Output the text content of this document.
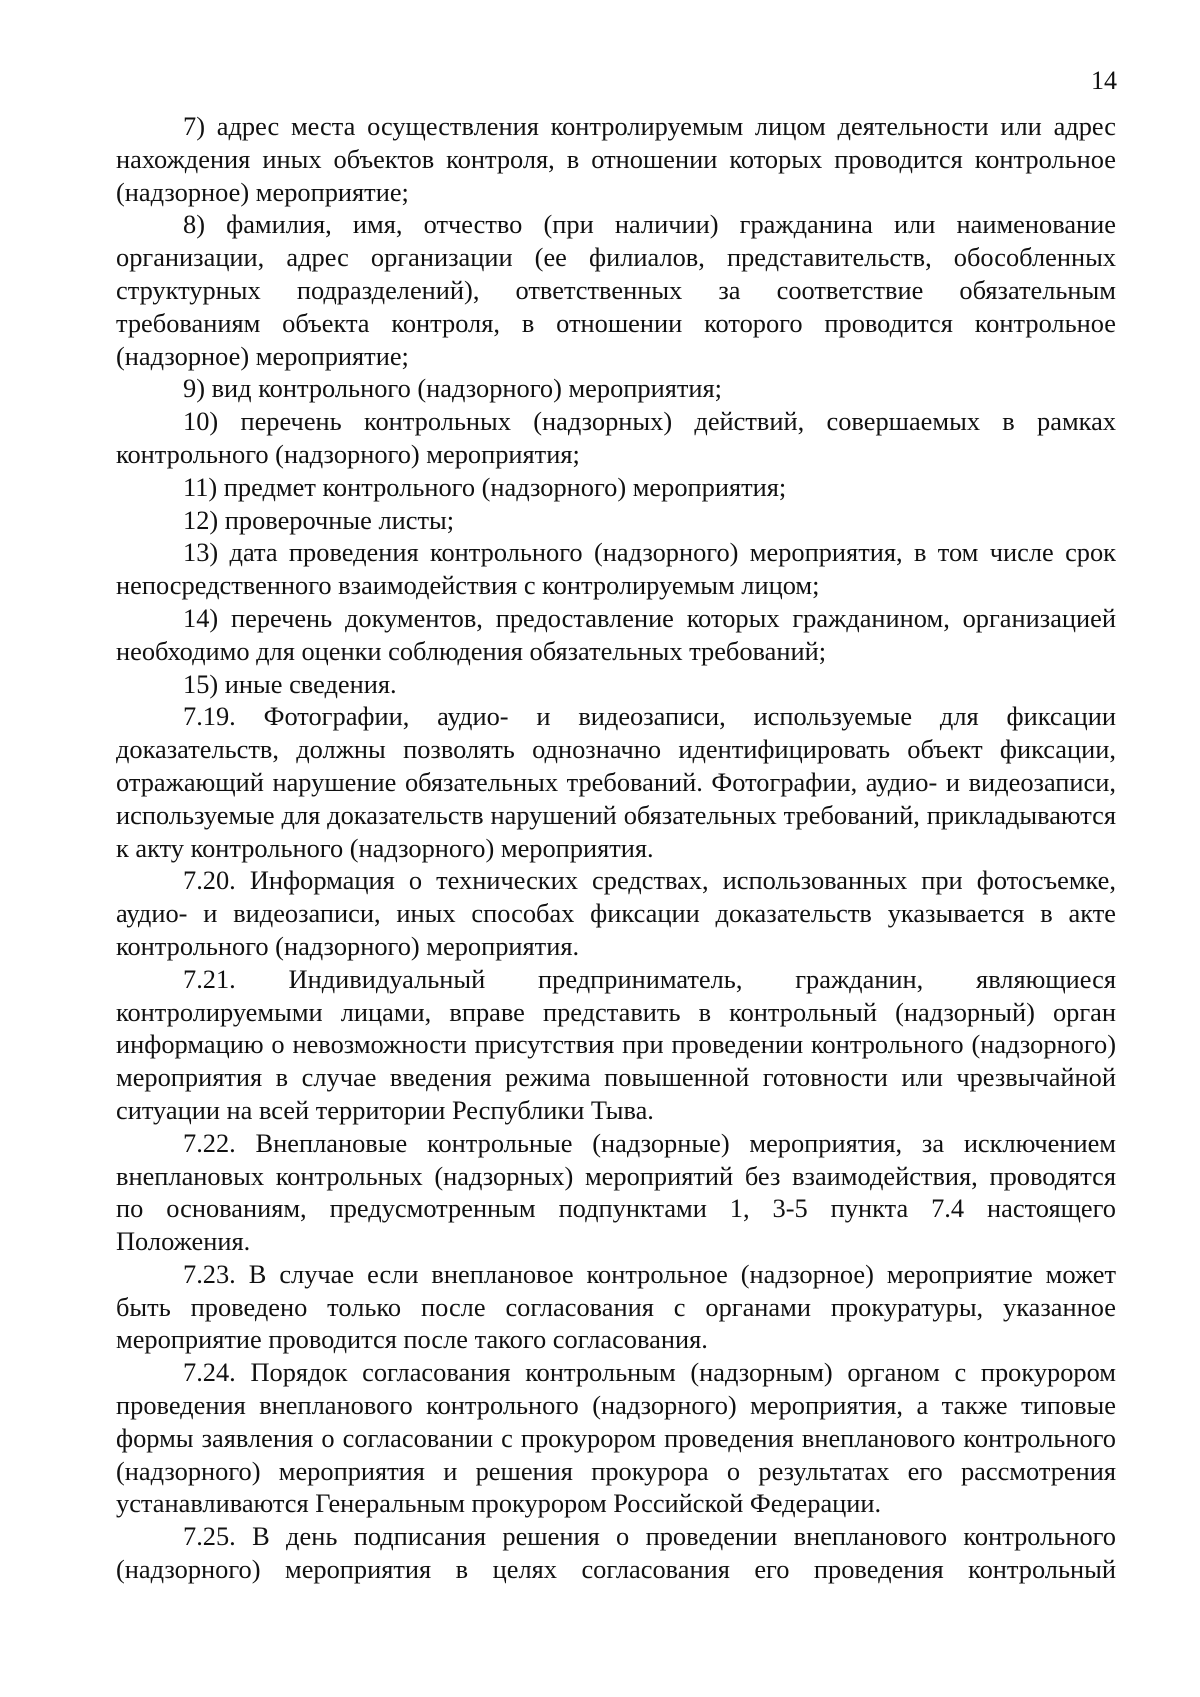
14

7) адрес места осуществления контролируемым лицом деятельности или адрес нахождения иных объектов контроля, в отношении которых проводится контрольное (надзорное) мероприятие;

8) фамилия, имя, отчество (при наличии) гражданина или наименование организации, адрес организации (ее филиалов, представительств, обособленных структурных подразделений), ответственных за соответствие обязательным требованиям объекта контроля, в отношении которого проводится контрольное (надзорное) мероприятие;

9) вид контрольного (надзорного) мероприятия;

10) перечень контрольных (надзорных) действий, совершаемых в рамках контрольного (надзорного) мероприятия;

11) предмет контрольного (надзорного) мероприятия;

12) проверочные листы;

13) дата проведения контрольного (надзорного) мероприятия, в том числе срок непосредственного взаимодействия с контролируемым лицом;

14) перечень документов, предоставление которых гражданином, организацией необходимо для оценки соблюдения обязательных требований;

15) иные сведения.

7.19. Фотографии, аудио- и видеозаписи, используемые для фиксации доказательств, должны позволять однозначно идентифицировать объект фиксации, отражающий нарушение обязательных требований. Фотографии, аудио- и видеозаписи, используемые для доказательств нарушений обязательных требований, прикладываются к акту контрольного (надзорного) мероприятия.

7.20. Информация о технических средствах, использованных при фотосъемке, аудио- и видеозаписи, иных способах фиксации доказательств указывается в акте контрольного (надзорного) мероприятия.

7.21. Индивидуальный предприниматель, гражданин, являющиеся контролируемыми лицами, вправе представить в контрольный (надзорный) орган информацию о невозможности присутствия при проведении контрольного (надзорного) мероприятия в случае введения режима повышенной готовности или чрезвычайной ситуации на всей территории Республики Тыва.

7.22. Внеплановые контрольные (надзорные) мероприятия, за исключением внеплановых контрольных (надзорных) мероприятий без взаимодействия, проводятся по основаниям, предусмотренным подпунктами 1, 3-5 пункта 7.4 настоящего Положения.

7.23. В случае если внеплановое контрольное (надзорное) мероприятие может быть проведено только после согласования с органами прокуратуры, указанное мероприятие проводится после такого согласования.

7.24. Порядок согласования контрольным (надзорным) органом с прокурором проведения внепланового контрольного (надзорного) мероприятия, а также типовые формы заявления о согласовании с прокурором проведения внепланового контрольного (надзорного) мероприятия и решения прокурора о результатах его рассмотрения устанавливаются Генеральным прокурором Российской Федерации.

7.25. В день подписания решения о проведении внепланового контрольного (надзорного) мероприятия в целях согласования его проведения контрольный
